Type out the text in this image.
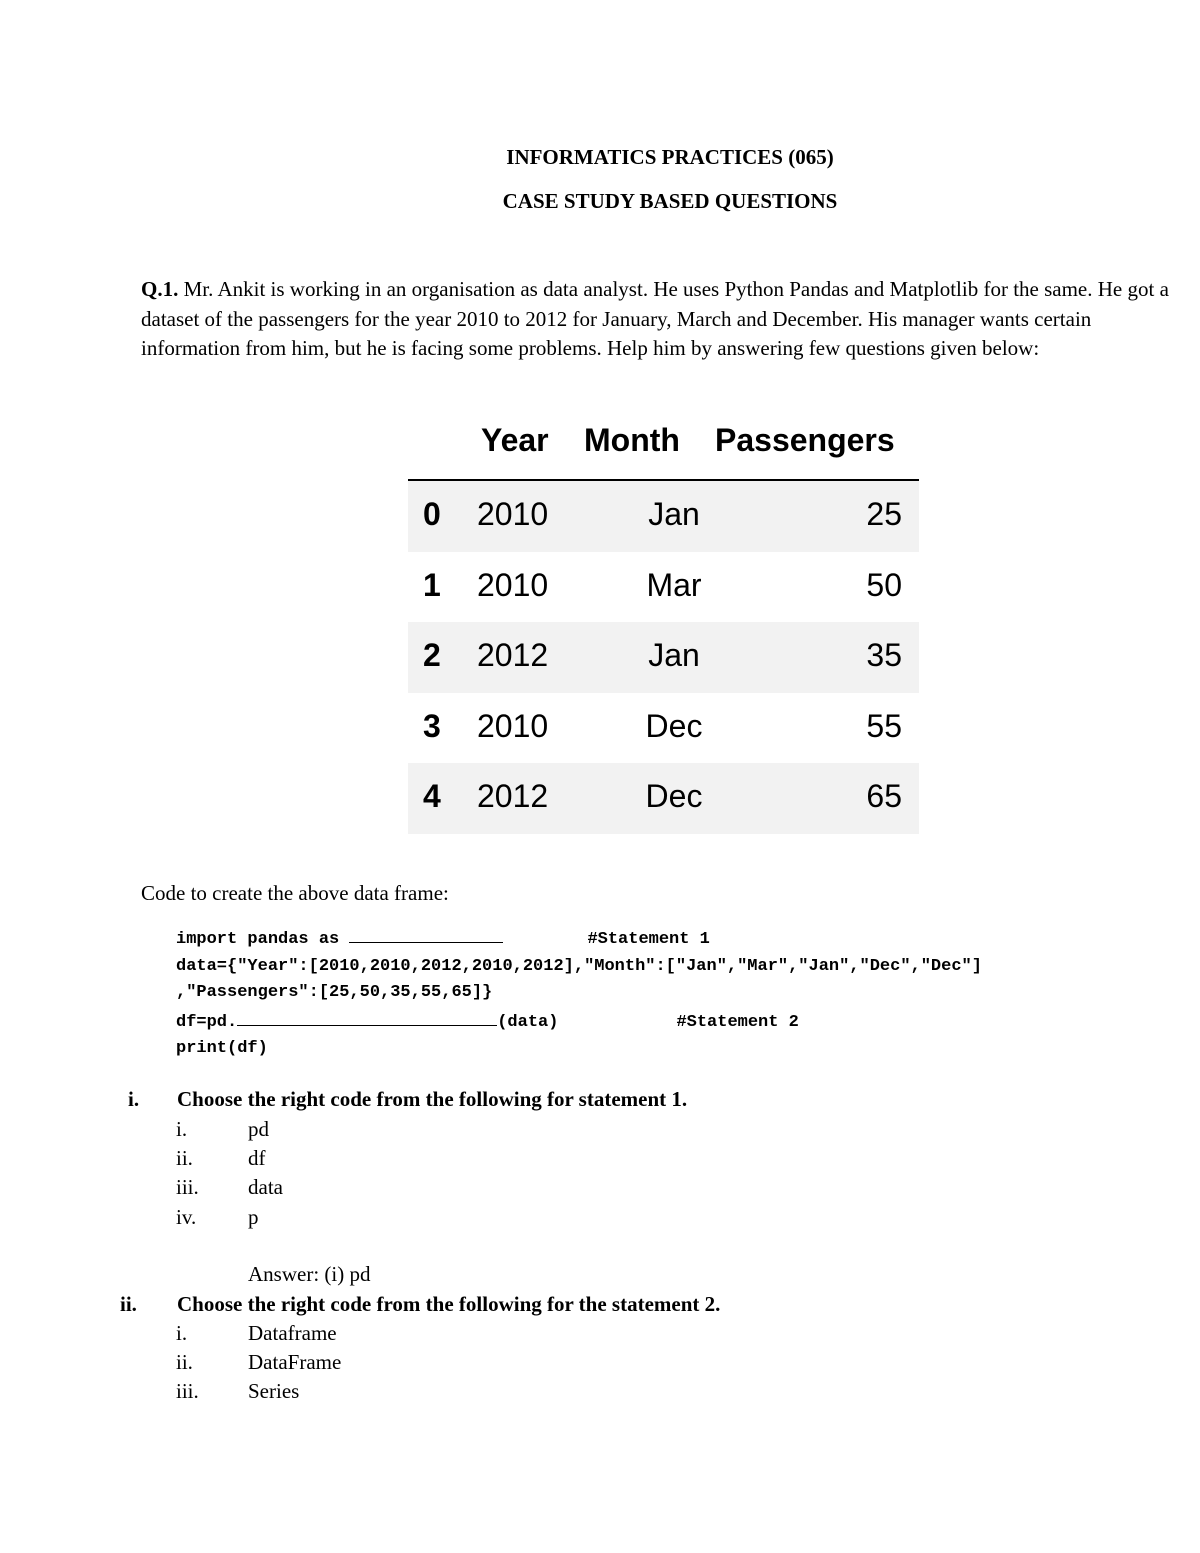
INFORMATICS PRACTICES (065)
CASE STUDY BASED QUESTIONS
Q.1. Mr. Ankit is working in an organisation as data analyst. He uses Python Pandas and Matplotlib for the same. He got a dataset of the passengers for the year 2010 to 2012 for January, March and December. His manager wants certain information from him, but he is facing some problems. Help him by answering few questions given below:
Year Month Passengers
0 2010	Jan	25
1 2010	Mar	50
2 2012	Jan	35
3 2010	Dec	55
4 2012	Dec	65
Code to create the above data frame:
import pandas as	#Statement 1
data={"Year":[2010,2010,2012,2010,2012],"Month":["Jan","Mar","Jan","Dec","Dec"]
,"Passengers":[25,50,35,55,65]}
df=pd.	(data)	#Statement 2
print(df)
i. Choose the right code from the following for statement 1.
i.	pd
ii.	df
iii. data
iv. p
Answer: (i) pd
ii. Choose the right code from the following for the statement 2.
i.	Dataframe
ii.	DataFrame
iii. Series
